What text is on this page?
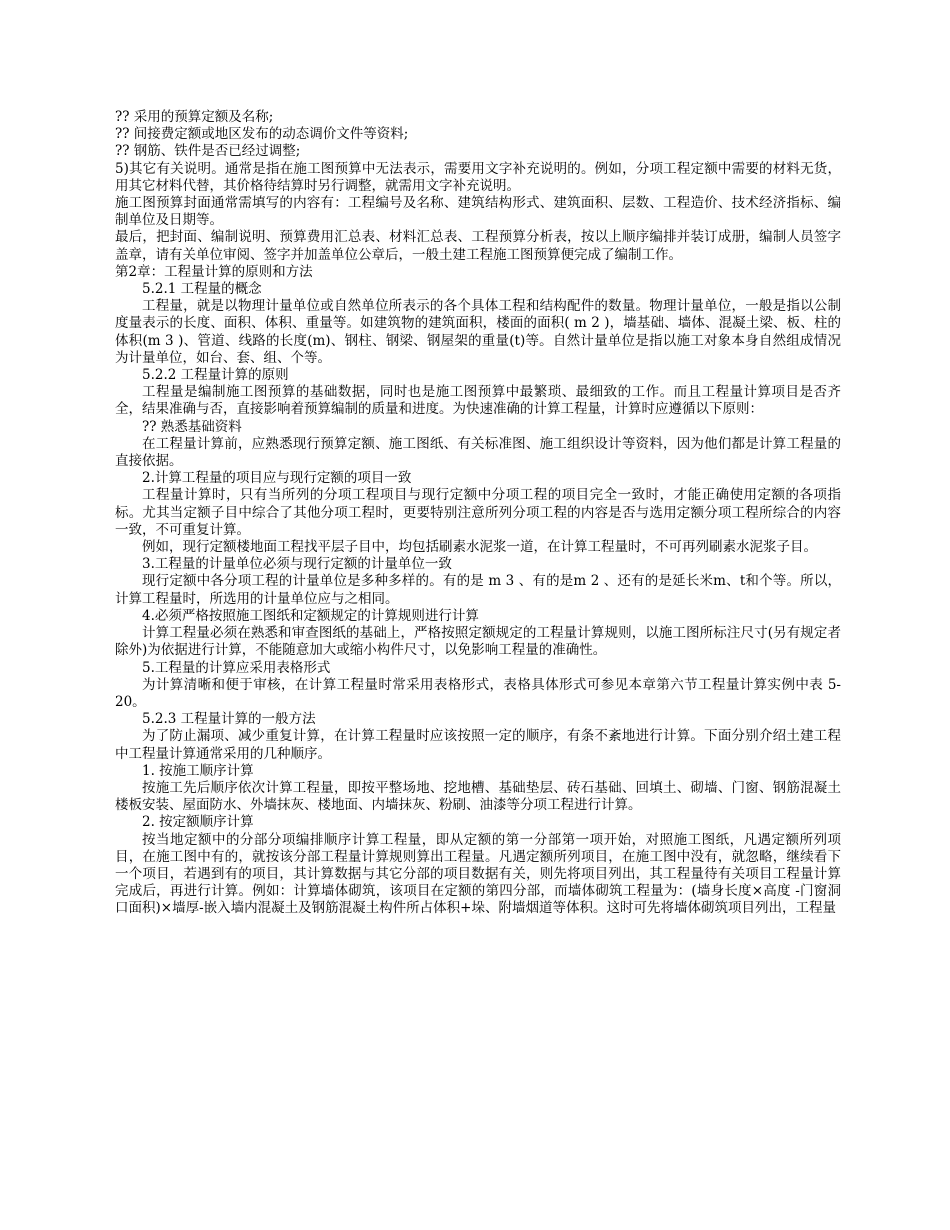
?? 采用的预算定额及名称;

?? 间接费定额或地区发布的动态调价文件等资料;

?? 钢筋、铁件是否已经过调整;

5)其它有关说明。通常是指在施工图预算中无法表示，需要用文字补充说明的。例如，分项工程定额中需要的材料无货，用其它材料代替，其价格待结算时另行调整，就需用文字补充说明。

施工图预算封面通常需填写的内容有：工程编号及名称、建筑结构形式、建筑面积、层数、工程造价、技术经济指标、编制单位及日期等。

最后，把封面、编制说明、预算费用汇总表、材料汇总表、工程预算分析表，按以上顺序编排并装订成册，编制人员签字盖章，请有关单位审阅、签字并加盖单位公章后，一般土建工程施工图预算便完成了编制工作。

第2章：工程量计算的原则和方法

5.2.1 工程量的概念

工程量，就是以物理计量单位或自然单位所表示的各个具体工程和结构配件的数量。物理计量单位，一般是指以公制度量表示的长度、面积、体积、重量等。如建筑物的建筑面积，楼面的面积( m 2 )，墙基础、墙体、混凝土梁、板、柱的体积(m 3 )、管道、线路的长度(m)、钢柱、钢梁、钢屋架的重量(t)等。自然计量单位是指以施工对象本身自然组成情况为计量单位，如台、套、组、个等。

5.2.2 工程量计算的原则

工程量是编制施工图预算的基础数据，同时也是施工图预算中最繁琐、最细致的工作。而且工程量计算项目是否齐全，结果准确与否，直接影响着预算编制的质量和进度。为快速准确的计算工程量，计算时应遵循以下原则：

?? 熟悉基础资料

在工程量计算前，应熟悉现行预算定额、施工图纸、有关标准图、施工组织设计等资料，因为他们都是计算工程量的直接依据。

2.计算工程量的项目应与现行定额的项目一致

工程量计算时，只有当所列的分项工程项目与现行定额中分项工程的项目完全一致时，才能正确使用定额的各项指标。尤其当定额子目中综合了其他分项工程时，更要特别注意所列分项工程的内容是否与选用定额分项工程所综合的内容一致，不可重复计算。

例如，现行定额楼地面工程找平层子目中，均包括刷素水泥浆一道，在计算工程量时，不可再列刷素水泥浆子目。

3.工程量的计量单位必须与现行定额的计量单位一致

现行定额中各分项工程的计量单位是多种多样的。有的是 m 3 、有的是m 2 、还有的是延长米m、t和个等。所以，计算工程量时，所选用的计量单位应与之相同。

4.必须严格按照施工图纸和定额规定的计算规则进行计算

计算工程量必须在熟悉和审查图纸的基础上，严格按照定额规定的工程量计算规则，以施工图所标注尺寸(另有规定者除外)为依据进行计算，不能随意加大或缩小构件尺寸，以免影响工程量的准确性。

5.工程量的计算应采用表格形式

为计算清晰和便于审核，在计算工程量时常采用表格形式，表格具体形式可参见本章第六节工程量计算实例中表 5-20。

5.2.3 工程量计算的一般方法

为了防止漏项、减少重复计算，在计算工程量时应该按照一定的顺序，有条不紊地进行计算。下面分别介绍土建工程中工程量计算通常采用的几种顺序。

1. 按施工顺序计算

按施工先后顺序依次计算工程量，即按平整场地、挖地槽、基础垫层、砖石基础、回填土、砌墙、门窗、钢筋混凝土楼板安装、屋面防水、外墙抹灰、楼地面、内墙抹灰、粉刷、油漆等分项工程进行计算。

2. 按定额顺序计算

按当地定额中的分部分项编排顺序计算工程量，即从定额的第一分部第一项开始，对照施工图纸，凡遇定额所列项目，在施工图中有的，就按该分部工程量计算规则算出工程量。凡遇定额所列项目，在施工图中没有，就忽略，继续看下一个项目，若遇到有的项目，其计算数据与其它分部的项目数据有关，则先将项目列出，其工程量待有关项目工程量计算完成后，再进行计算。例如：计算墙体砌筑，该项目在定额的第四分部，而墙体砌筑工程量为：(墙身长度×高度 -门窗洞口面积)×墙厚-嵌入墙内混凝土及钢筋混凝土构件所占体积+垛、附墙烟道等体积。这时可先将墙体砌筑项目列出，工程量
